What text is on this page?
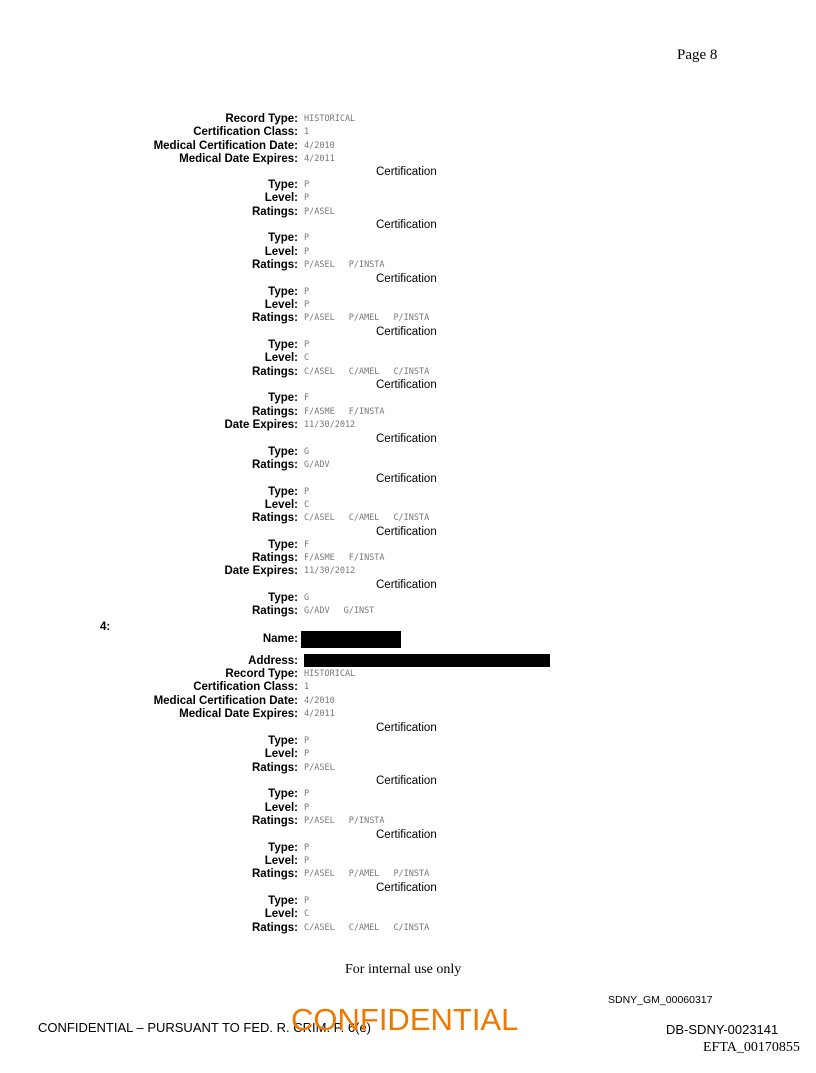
Page 8
Record Type: HISTORICAL
Certification Class: 1
Medical Certification Date: 4/2010
Medical Date Expires: 4/2011
Certification
Type: P
Level: P
Ratings: P/ASEL
Certification
Type: P
Level: P
Ratings: P/ASEL P/INSTA
Certification
Type: P
Level: P
Ratings: P/ASEL P/AMEL P/INSTA
Certification
Type: P
Level: C
Ratings: C/ASEL C/AMEL C/INSTA
Certification
Type: F
Ratings: F/ASME F/INSTA
Date Expires: 11/30/2012
Certification
Type: G
Ratings: G/ADV
Certification
Type: P
Level: C
Ratings: C/ASEL C/AMEL C/INSTA
Certification
Type: F
Ratings: F/ASME F/INSTA
Date Expires: 11/30/2012
Certification
Type: G
Ratings: G/ADV G/INST
4:
Name:
Address:
Record Type: HISTORICAL
Certification Class: 1
Medical Certification Date: 4/2010
Medical Date Expires: 4/2011
Certification
Type: P
Level: P
Ratings: P/ASEL
Certification
Type: P
Level: P
Ratings: P/ASEL P/INSTA
Certification
Type: P
Level: P
Ratings: P/ASEL P/AMEL P/INSTA
Certification
Type: P
Level: C
Ratings: C/ASEL C/AMEL C/INSTA
For internal use only
SDNY_GM_00060317
CONFIDENTIAL – PURSUANT TO FED. R. CRIM. P. 6(e)
CONFIDENTIAL	DB-SDNY-0023141
EFTA_00170855
